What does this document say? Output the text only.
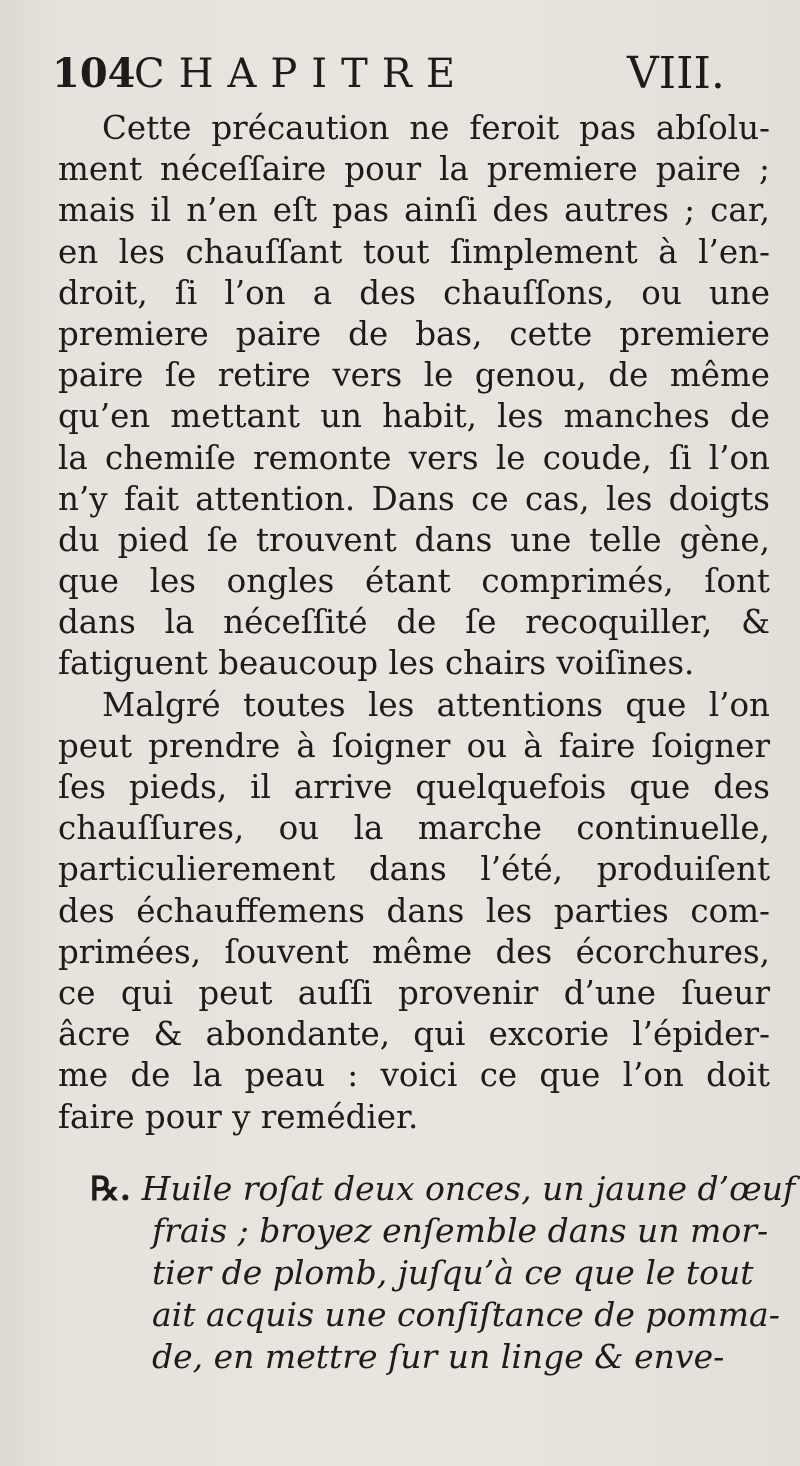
104
CHAPITRE	VIII.
Cette précaution ne feroit pas abſolu-
ment néceſſaire pour la premiere paire ;
mais il n’en eſt pas ainſi des autres ; car,
en les chauſſant tout ſimplement à l’en-
droit, ſi l’on a des chauſſons, ou une
premiere paire de bas, cette premiere
paire ſe retire vers le genou, de même
qu’en mettant un habit, les manches de
la chemiſe remonte vers le coude, ſi l’on
n’y fait attention. Dans ce cas, les doigts
du pied ſe trouvent dans une telle gène,
que les ongles étant comprimés, ſont
dans la néceſſité de ſe recoquiller, &
fatiguent beaucoup les chairs voiſines.
Malgré toutes les attentions que l’on
peut prendre à ſoigner ou à faire ſoigner
ſes pieds, il arrive quelquefois que des
chauſſures, ou la marche continuelle,
particulierement dans l’été, produiſent
des échauffemens dans les parties com-
primées, ſouvent même des écorchures,
ce qui peut auſſi provenir d’une ſueur
âcre & abondante, qui excorie l’épider-
me de la peau : voici ce que l’on doit
faire pour y remédier.
℞. Huile roſat deux onces, un jaune d’œuf
frais ; broyez enſemble dans un mor-
tier de plomb, juſqu’à ce que le tout
ait acquis une conſiſtance de pomma-
de, en mettre ſur un linge & enve-
